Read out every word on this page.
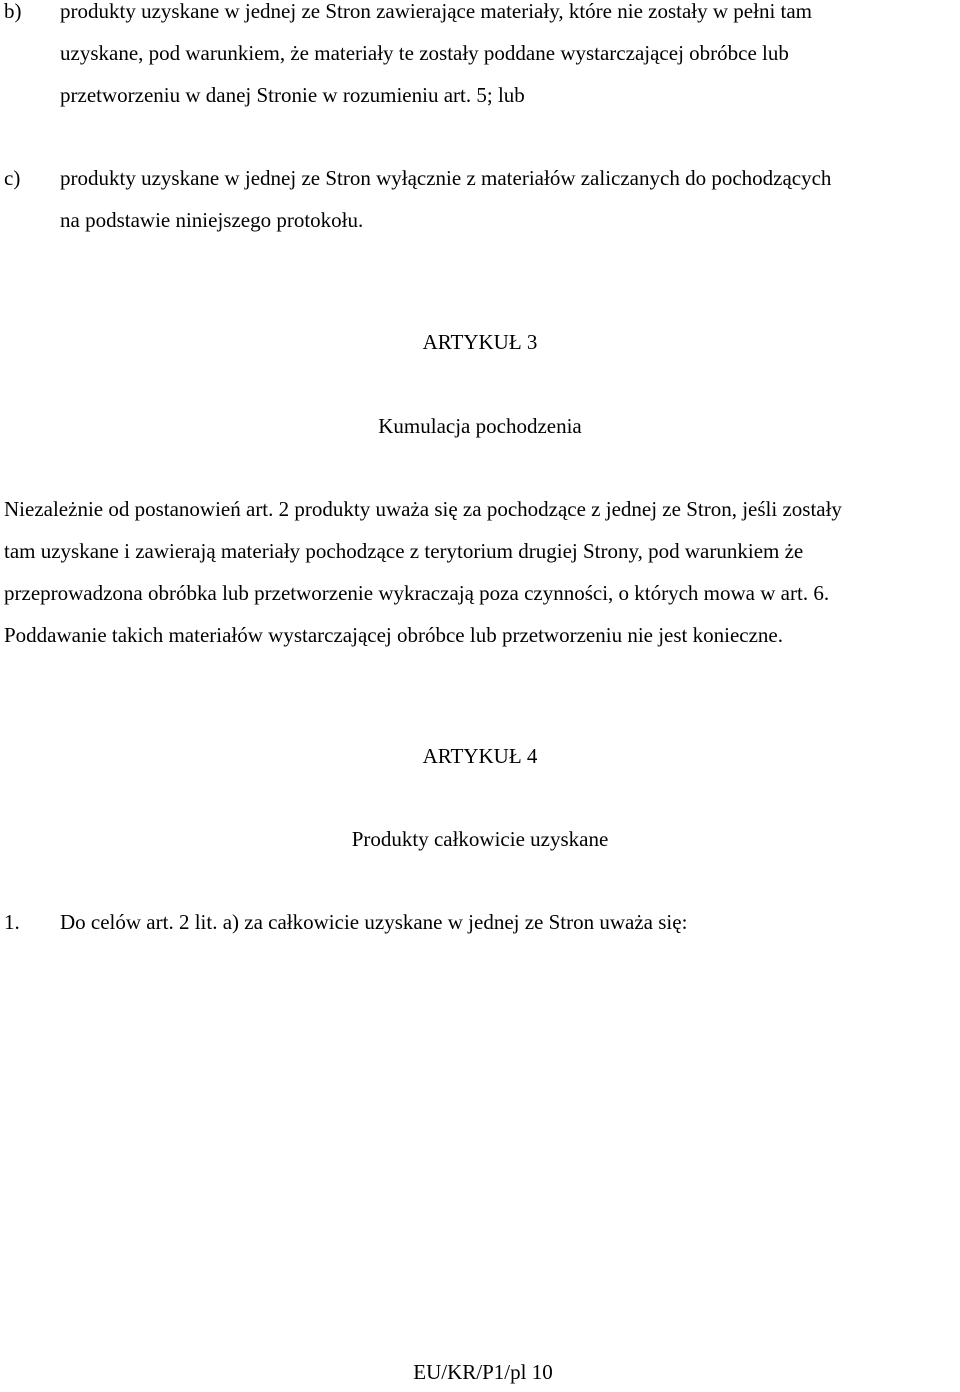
b) produkty uzyskane w jednej ze Stron zawierające materiały, które nie zostały w pełni tam
uzyskane, pod warunkiem, że materiały te zostały poddane wystarczającej obróbce lub
przetworzeniu w danej Stronie w rozumieniu art. 5; lub
c) produkty uzyskane w jednej ze Stron wyłącznie z materiałów zaliczanych do pochodzących
na podstawie niniejszego protokołu.
ARTYKUŁ 3
Kumulacja pochodzenia
Niezależnie od postanowień art. 2 produkty uważa się za pochodzące z jednej ze Stron, jeśli zostały
tam uzyskane i zawierają materiały pochodzące z terytorium drugiej Strony, pod warunkiem że
przeprowadzona obróbka lub przetworzenie wykraczają poza czynności, o których mowa w art. 6.
Poddawanie takich materiałów wystarczającej obróbce lub przetworzeniu nie jest konieczne.
ARTYKUŁ 4
Produkty całkowicie uzyskane
1. Do celów art. 2 lit. a) za całkowicie uzyskane w jednej ze Stron uważa się:
EU/KR/P1/pl 10
